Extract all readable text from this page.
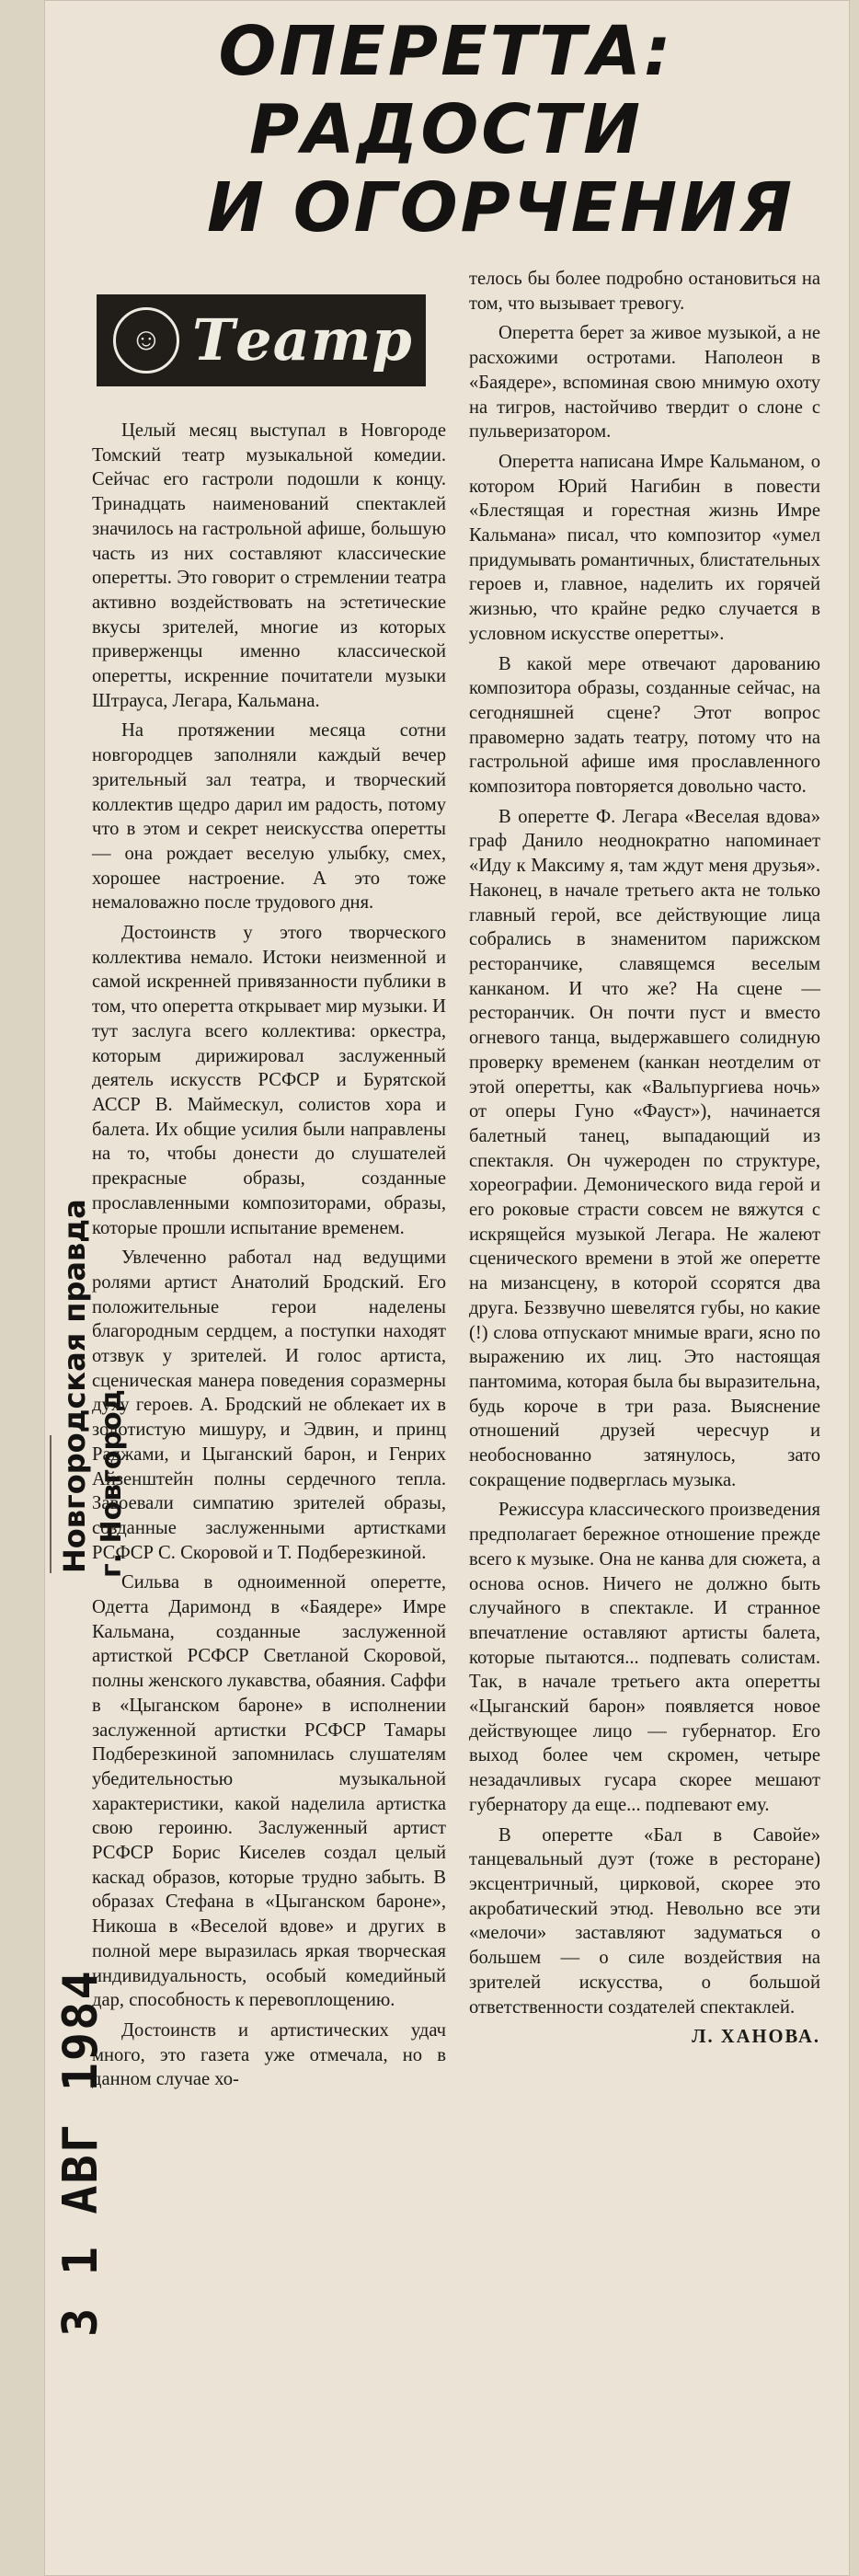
Новгородская правда г. Новгород
3 1 АВГ 1984
ОПЕРЕТТА:
РАДОСТИ
И ОГОРЧЕНИЯ
☺ Театр

Целый месяц выступал в Новгороде Томский театр музыкальной комедии. Сейчас его гастроли подошли к концу. Тринадцать наименований спектаклей значилось на гастрольной афише, большую часть из них составляют классические оперетты. Это говорит о стремлении театра активно воздействовать на эстетические вкусы зрителей, многие из которых приверженцы именно классической оперетты, искренние почитатели музыки Штрауса, Легара, Кальмана.

На протяжении месяца сотни новгородцев заполняли каждый вечер зрительный зал театра, и творческий коллектив щедро дарил им радость, потому что в этом и секрет неискусства оперетты — она рождает веселую улыбку, смех, хорошее настроение. А это тоже немаловажно после трудового дня.

Достоинств у этого творческого коллектива немало. Истоки неизменной и самой искренней привязанности публики в том, что оперетта открывает мир музыки. И тут заслуга всего коллектива: оркестра, которым дирижировал заслуженный деятель искусств РСФСР и Бурятской АССР В. Маймескул, солистов хора и балета. Их общие усилия были направлены на то, чтобы донести до слушателей прекрасные образы, созданные прославленными композиторами, образы, которые прошли испытание временем.

Увлеченно работал над ведущими ролями артист Анатолий Бродский. Его положительные герои наделены благородным сердцем, а поступки находят отзвук у зрителей. И голос артиста, сценическая манера поведения соразмерны духу героев. А. Бродский не облекает их в золотистую мишуру, и Эдвин, и принц Раджами, и Цыганский барон, и Генрих Айзенштейн полны сердечного тепла. Завоевали симпатию зрителей образы, созданные заслуженными артистками РСФСР С. Скоровой и Т. Подберезкиной.

Сильва в одноименной оперетте, Одетта Даримонд в «Баядере» Имре Кальмана, созданные заслуженной артисткой РСФСР Светланой Скоровой, полны женского лукавства, обаяния. Саффи в «Цыганском бароне» в исполнении заслуженной артистки РСФСР Тамары Подберезкиной запомнилась слушателям убедительностью музыкальной характеристики, какой наделила артистка свою героиню. Заслуженный артист РСФСР Борис Киселев создал целый каскад образов, которые трудно забыть. В образах Стефана в «Цыганском бароне», Никоша в «Веселой вдове» и других в полной мере выразилась яркая творческая индивидуальность, особый комедийный дар, способность к перевоплощению.

Достоинств и артистических удач много, это газета уже отмечала, но в данном случае хо-

телось бы более подробно остановиться на том, что вызывает тревогу.

Оперетта берет за живое музыкой, а не расхожими остротами. Наполеон в «Баядере», вспоминая свою мнимую охоту на тигров, настойчиво твердит о слоне с пульверизатором.

Оперетта написана Имре Кальманом, о котором Юрий Нагибин в повести «Блестящая и горестная жизнь Имре Кальмана» писал, что композитор «умел придумывать романтичных, блистательных героев и, главное, наделить их горячей жизнью, что крайне редко случается в условном искусстве оперетты».

В какой мере отвечают дарованию композитора образы, созданные сейчас, на сегодняшней сцене? Этот вопрос правомерно задать театру, потому что на гастрольной афише имя прославленного композитора повторяется довольно часто.

В оперетте Ф. Легара «Веселая вдова» граф Данило неоднократно напоминает «Иду к Максиму я, там ждут меня друзья». Наконец, в начале третьего акта не только главный герой, все действующие лица собрались в знаменитом парижском ресторанчике, славящемся веселым канканом. И что же? На сцене — ресторанчик. Он почти пуст и вместо огневого танца, выдержавшего солидную проверку временем (канкан неотделим от этой оперетты, как «Вальпургиева ночь» от оперы Гуно «Фауст»), начинается балетный танец, выпадающий из спектакля. Он чужероден по структуре, хореографии. Демонического вида герой и его роковые страсти совсем не вяжутся с искрящейся музыкой Легара. Не жалеют сценического времени в этой же оперетте на мизансцену, в которой ссорятся два друга. Беззвучно шевелятся губы, но какие (!) слова отпускают мнимые враги, ясно по выражению их лиц. Это настоящая пантомима, которая была бы выразительна, будь короче в три раза. Выяснение отношений друзей чересчур и необоснованно затянулось, зато сокращение подверглась музыка.

Режиссура классического произведения предполагает бережное отношение прежде всего к музыке. Она не канва для сюжета, а основа основ. Ничего не должно быть случайного в спектакле. И странное впечатление оставляют артисты балета, которые пытаются... подпевать солистам. Так, в начале третьего акта оперетты «Цыганский барон» появляется новое действующее лицо — губернатор. Его выход более чем скромен, четыре незадачливых гусара скорее мешают губернатору да еще... подпевают ему.

В оперетте «Бал в Савойе» танцевальный дуэт (тоже в ресторане) эксцентричный, цирковой, скорее это акробатический этюд. Невольно все эти «мелочи» заставляют задуматься о большем — о силе воздействия на зрителей искусства, о большой ответственности создателей спектаклей.

Л. ХАНОВА.
